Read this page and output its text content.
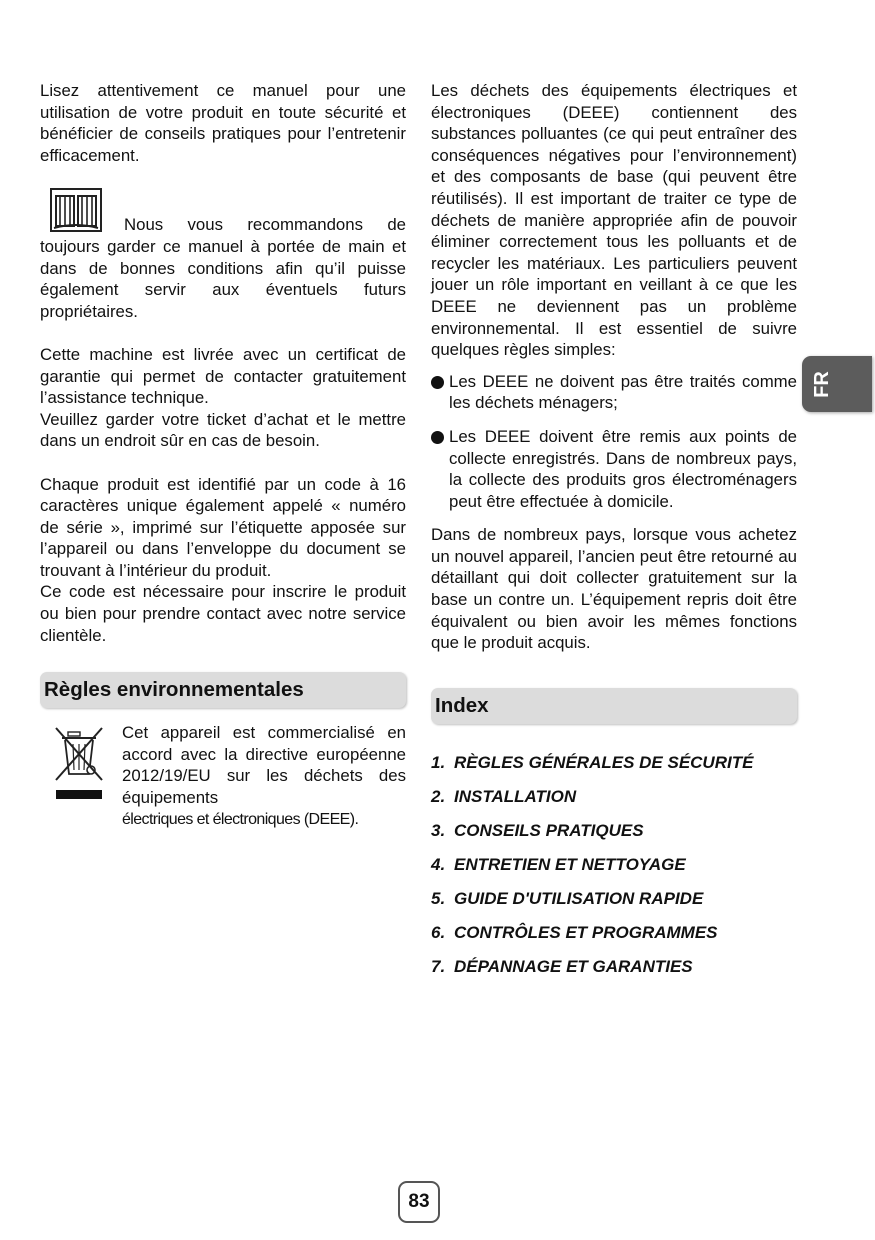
Lisez attentivement ce manuel pour une utilisation de votre produit en toute sécurité et bénéficier de conseils pratiques pour l’entretenir efficacement.

Nous vous recommandons de toujours garder ce manuel à portée de main et dans de bonnes conditions afin qu’il puisse également servir aux éventuels futurs propriétaires.

Cette machine est livrée avec un certificat de garantie qui permet de contacter gratuitement l’assistance technique.

Veuillez garder votre ticket d’achat et le mettre dans un endroit sûr en cas de besoin.

Chaque produit est identifié par un code à 16 caractères unique également appelé « numéro de série », imprimé sur l’étiquette apposée sur l’appareil ou dans l’enveloppe du document se trouvant à l’intérieur du produit.

Ce code est nécessaire pour inscrire le produit ou bien pour prendre contact avec notre service clientèle.

Règles environnementales

Cet appareil est commercialisé en accord avec la directive européenne 2012/19/EU sur les déchets des équipements

électriques et électroniques (DEEE).

Les déchets des équipements électriques et électroniques (DEEE) contiennent des substances polluantes (ce qui peut entraîner des conséquences négatives pour l’environnement) et des composants de base (qui peuvent être réutilisés). Il est important de traiter ce type de déchets de manière appropriée afin de pouvoir éliminer correctement tous les polluants et de recycler les matériaux. Les particuliers peuvent jouer un rôle important en veillant à ce que les DEEE ne deviennent pas un problème environnemental. Il est essentiel de suivre quelques règles simples:

Les DEEE ne doivent pas être traités comme les déchets ménagers;
Les DEEE doivent être remis aux points de collecte enregistrés. Dans de nombreux pays, la collecte des produits gros électroménagers peut être effectuée à domicile.

Dans de nombreux pays, lorsque vous achetez un nouvel appareil, l’ancien peut être retourné au détaillant qui doit collecter gratuitement sur la base un contre un. L’équipement repris doit être équivalent ou bien avoir les mêmes fonctions que le produit acquis.

Index
1. RÈGLES GÉNÉRALES DE SÉCURITÉ
2. INSTALLATION
3. CONSEILS PRATIQUES
4. ENTRETIEN ET NETTOYAGE
5. GUIDE D'UTILISATION RAPIDE
6. CONTRÔLES ET PROGRAMMES
7. DÉPANNAGE ET GARANTIES
FR
83
